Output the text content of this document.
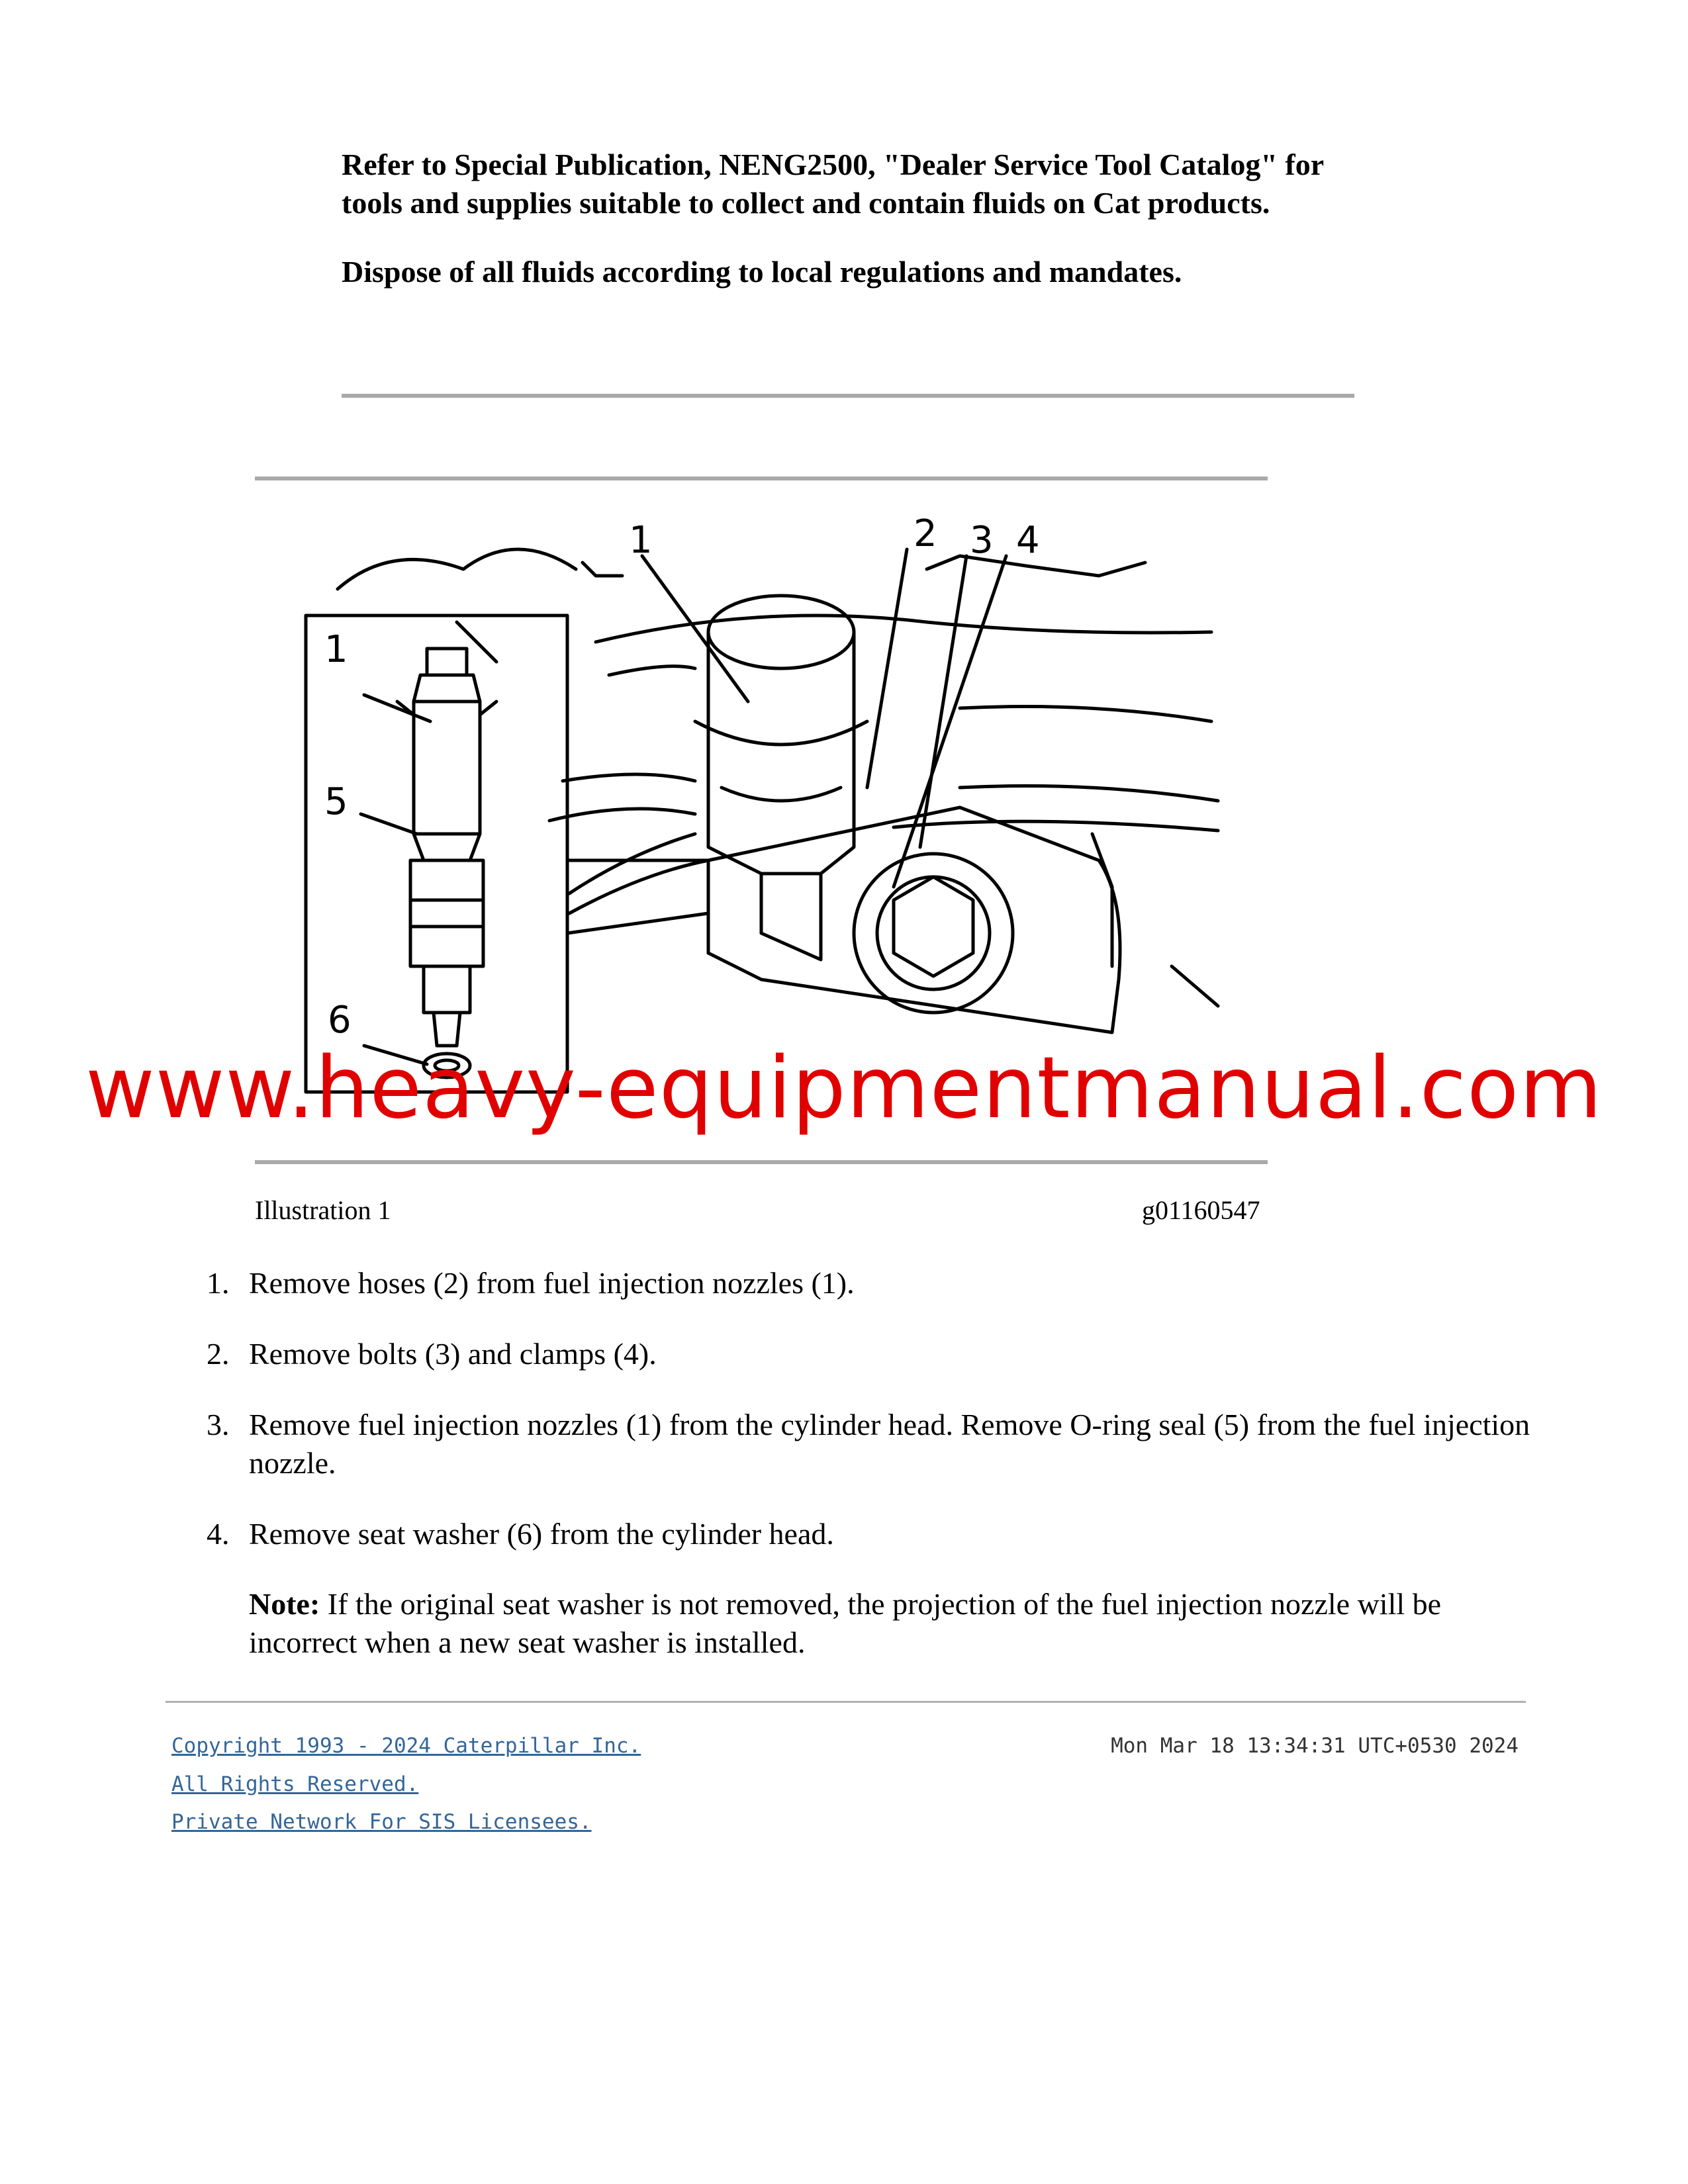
Refer to Special Publication, NENG2500, "Dealer Service Tool Catalog" for tools and supplies suitable to collect and contain fluids on Cat products.

Dispose of all fluids according to local regulations and mandates.

1	2 3 4
1
5
6
www.heavy-equipmentmanual.com
Illustration 1	g01160547
1. Remove hoses (2) from fuel injection nozzles (1).
2. Remove bolts (3) and clamps (4).
3. Remove fuel injection nozzles (1) from the cylinder head. Remove O-ring seal (5) from the fuel injection nozzle.
4. Remove seat washer (6) from the cylinder head.
Note: If the original seat washer is not removed, the projection of the fuel injection nozzle will be incorrect when a new seat washer is installed.
Copyright 1993 - 2024 Caterpillar Inc.
All Rights Reserved.
Private Network For SIS Licensees.
Mon Mar 18 13:34:31 UTC+0530 2024
